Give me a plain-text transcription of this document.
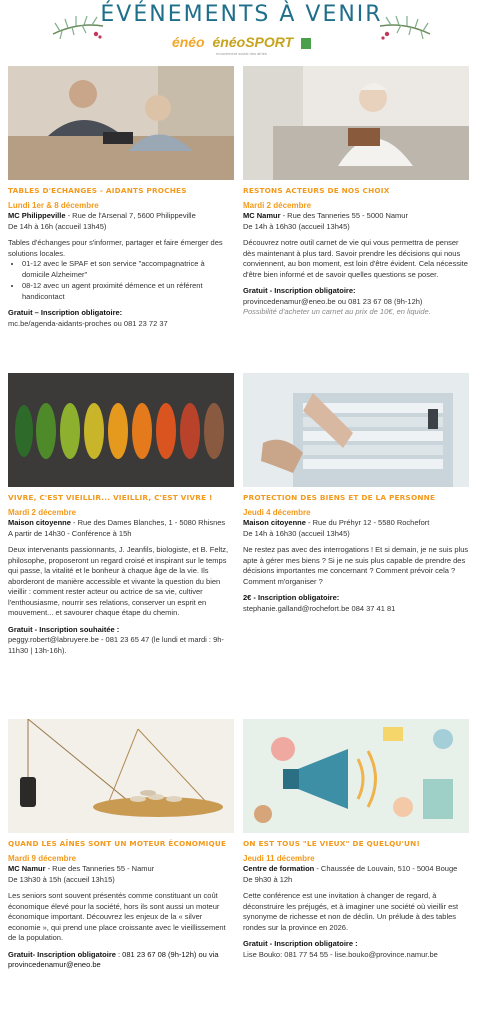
ÉVÉNEMENTS À VENIR
énéo énéoSPORT
mouvement social des aînés
TABLES D'ECHANGES - AIDANTS PROCHES
Lundi 1er & 8 décembre
MC Philippeville - Rue de l'Arsenal 7, 5600 Philippeville
De 14h à 16h (accueil 13h45)
Tables d'échanges pour s'informer, partager et faire émerger des solutions locales.
• 01-12 avec le SPAF et son service "accompagnatrice à domicile Alzheimer"
• 08-12 avec un agent proximité démence et un référent handicontact
Gratuit – Inscription obligatoire:
mc.be/agenda-aidants-proches ou 081 23 72 37
RESTONS ACTEURS DE NOS CHOIX
Mardi 2 décembre
MC Namur - Rue des Tanneries 55 - 5000 Namur
De 14h à 16h30 (accueil 13h45)
Découvrez notre outil carnet de vie qui vous permettra de penser dès maintenant à plus tard. Savoir prendre les décisions qui nous conviennent, au bon moment, est loin d'être évident. Cela nécessite d'être bien informé et de savoir quelles questions se poser.
Gratuit - Inscription obligatoire:
provincedenamur@eneo.be ou 081 23 67 08 (9h-12h)
Possibilité d'acheter un carnet au prix de 10€, en liquide.
VIVRE, C'EST VIEILLIR... VIEILLIR, C'EST VIVRE !
Mardi 2 décembre
Maison citoyenne - Rue des Dames Blanches, 1 - 5080 Rhisnes
A partir de 14h30 - Conférence à 15h
Deux intervenants passionnants, J. Jeanfils, biologiste, et B. Feltz, philosophe, proposeront un regard croisé et inspirant sur le temps qui passe, la vitalité et le bonheur à chaque âge de la vie. Ils aborderont de manière accessible et vivante la question du bien vieillir : comment rester acteur ou actrice de sa vie, cultiver l'enthousiasme, nourrir ses relations, conserver un esprit en mouvement... et savourer chaque étape du chemin.
Gratuit - Inscription souhaitée :
peggy.robert@labruyere.be - 081 23 65 47 (le lundi et mardi : 9h-11h30 | 13h-16h).
PROTECTION DES BIENS ET DE LA PERSONNE
Jeudi 4 décembre
Maison citoyenne - Rue du Préhyr 12 - 5580 Rochefort
De 14h à 16h30 (accueil 13h45)
Ne restez pas avec des interrogations ! Et si demain, je ne suis plus apte à gérer mes biens ? Si je ne suis plus capable de prendre des décisions importantes me concernant ? Comment prévoir cela ? Comment m'organiser ?
2€ - Inscription obligatoire:
stephanie.galland@rochefort.be 084 37 41 81
QUAND LES AÎNES SONT UN MOTEUR ÉCONOMIQUE
Mardi 9 décembre
MC Namur - Rue des Tanneries 55 - Namur
De 13h30 à 15h (accueil 13h15)
Les seniors sont souvent présentés comme constituant un coût économique élevé pour la société, hors ils sont aussi un moteur économique important. Découvrez les enjeux de la « silver economie », qui prend une place croissante avec le vieillissement de la population.
Gratuit- Inscription obligatoire : 081 23 67 08 (9h-12h) ou via provincedenamur@eneo.be
ON EST TOUS "LE VIEUX" DE QUELQU'UN!
Jeudi 11 décembre
Centre de formation - Chaussée de Louvain, 510 - 5004 Bouge
De 9h30 à 12h
Cette conférence est une invitation à changer de regard, à déconstruire les préjugés, et à imaginer une société où vieillir est synonyme de richesse et non de déclin. Un prélude à des tables rondes sur la province en 2026.
Gratuit - Inscription obligatoire :
Lise Bouko: 081 77 54 55 - lise.bouko@province.namur.be
